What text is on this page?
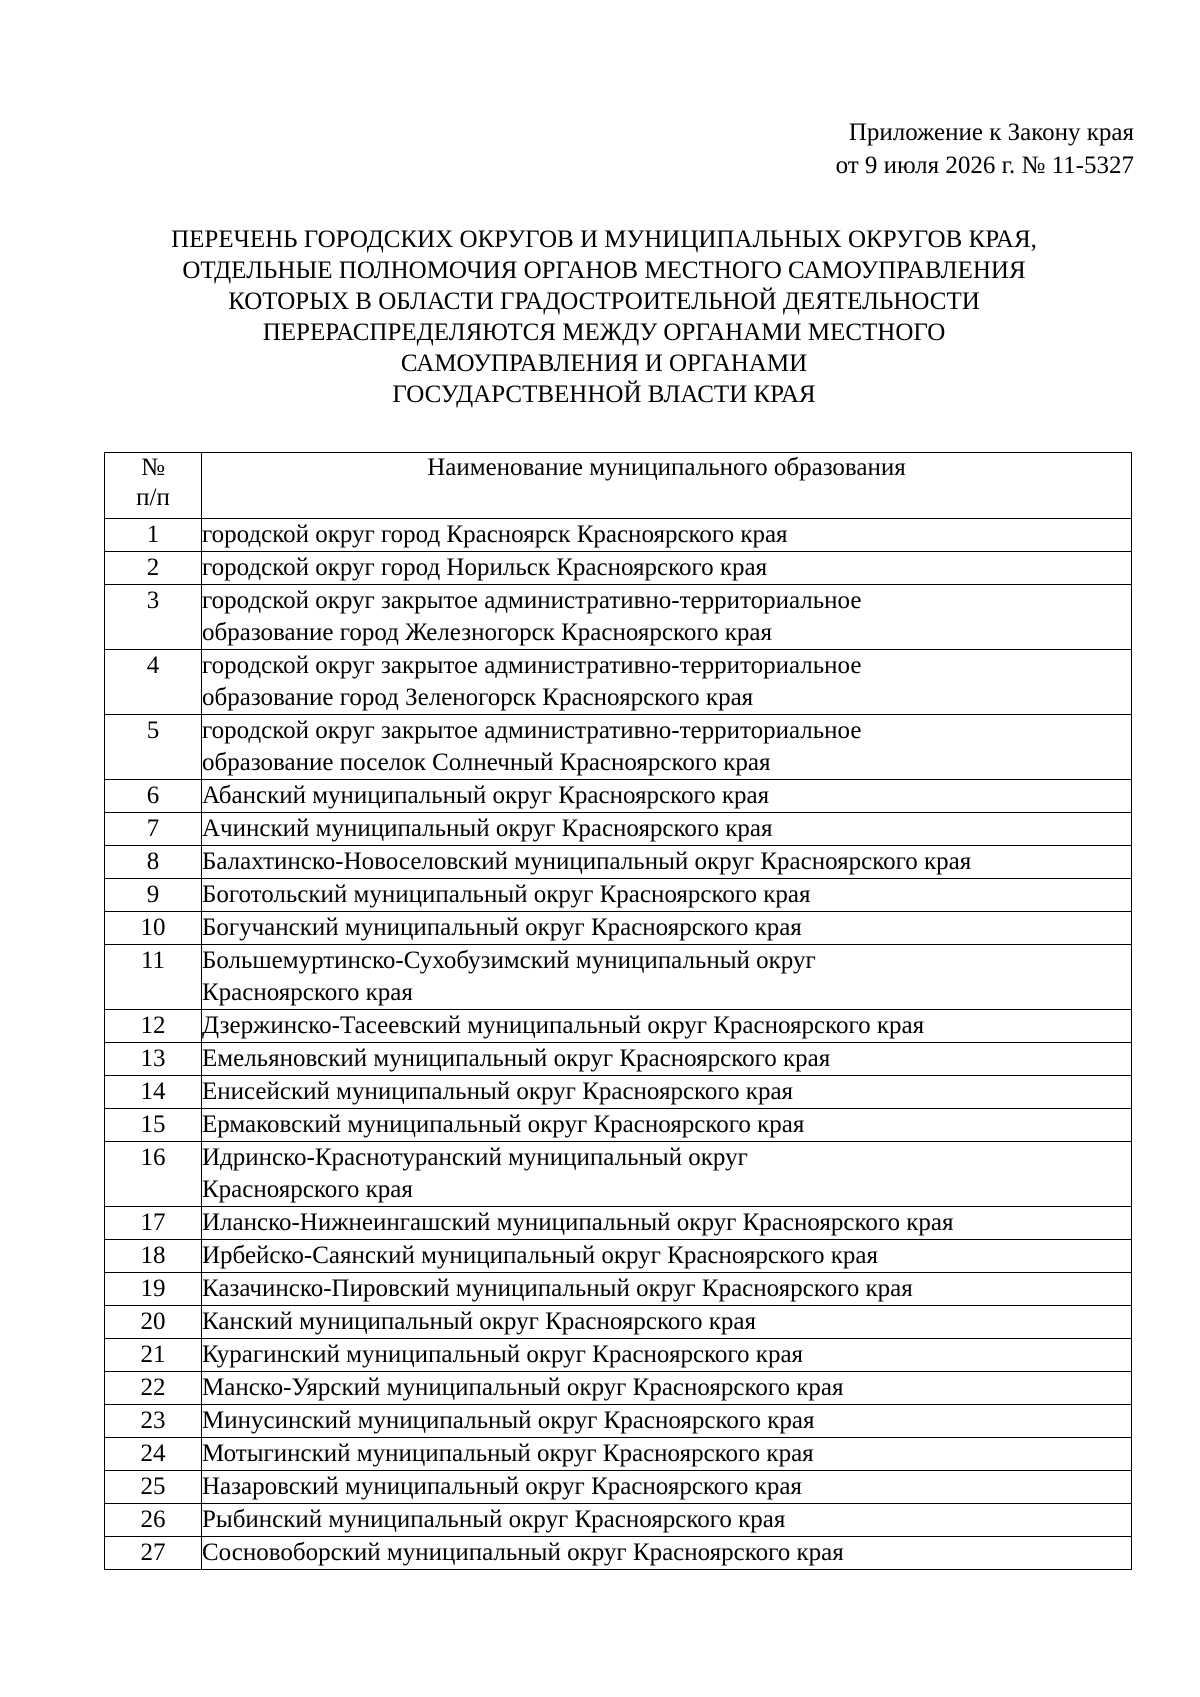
Приложение к Закону края
от 9 июля 2026 г. № 11-5327
ПЕРЕЧЕНЬ ГОРОДСКИХ ОКРУГОВ И МУНИЦИПАЛЬНЫХ ОКРУГОВ КРАЯ,
ОТДЕЛЬНЫЕ ПОЛНОМОЧИЯ ОРГАНОВ МЕСТНОГО САМОУПРАВЛЕНИЯ
КОТОРЫХ В ОБЛАСТИ ГРАДОСТРОИТЕЛЬНОЙ ДЕЯТЕЛЬНОСТИ
ПЕРЕРАСПРЕДЕЛЯЮТСЯ МЕЖДУ ОРГАНАМИ МЕСТНОГО
САМОУПРАВЛЕНИЯ И ОРГАНАМИ
ГОСУДАРСТВЕННОЙ ВЛАСТИ КРАЯ
№
п/п	Наименование муниципального образования
1	городской округ город Красноярск Красноярского края

2	городской округ город Норильск Красноярского края

3	городской округ закрытое административно-территориальное
образование город Железногорск Красноярского края

4	городской округ закрытое административно-территориальное
образование город Зеленогорск Красноярского края

5	городской округ закрытое административно-территориальное
образование поселок Солнечный Красноярского края

6	Абанский муниципальный округ Красноярского края

7	Ачинский муниципальный округ Красноярского края

8	Балахтинско-Новоселовский муниципальный округ Красноярского края

9	Боготольский муниципальный округ Красноярского края

10	Богучанский муниципальный округ Красноярского края

11	Большемуртинско-Сухобузимский муниципальный округ
Красноярского края

12	Дзержинско-Тасеевский муниципальный округ Красноярского края

13	Емельяновский муниципальный округ Красноярского края

14	Енисейский муниципальный округ Красноярского края

15	Ермаковский муниципальный округ Красноярского края

16	Идринско-Краснотуранский муниципальный округ
Красноярского края

17	Иланско-Нижнеингашский муниципальный округ Красноярского края

18	Ирбейско-Саянский муниципальный округ Красноярского края

19	Казачинско-Пировский муниципальный округ Красноярского края

20	Канский муниципальный округ Красноярского края

21	Курагинский муниципальный округ Красноярского края

22	Манско-Уярский муниципальный округ Красноярского края

23	Минусинский муниципальный округ Красноярского края

24	Мотыгинский муниципальный округ Красноярского края

25	Назаровский муниципальный округ Красноярского края

26	Рыбинский муниципальный округ Красноярского края

27	Сосновоборский муниципальный округ Красноярского края
